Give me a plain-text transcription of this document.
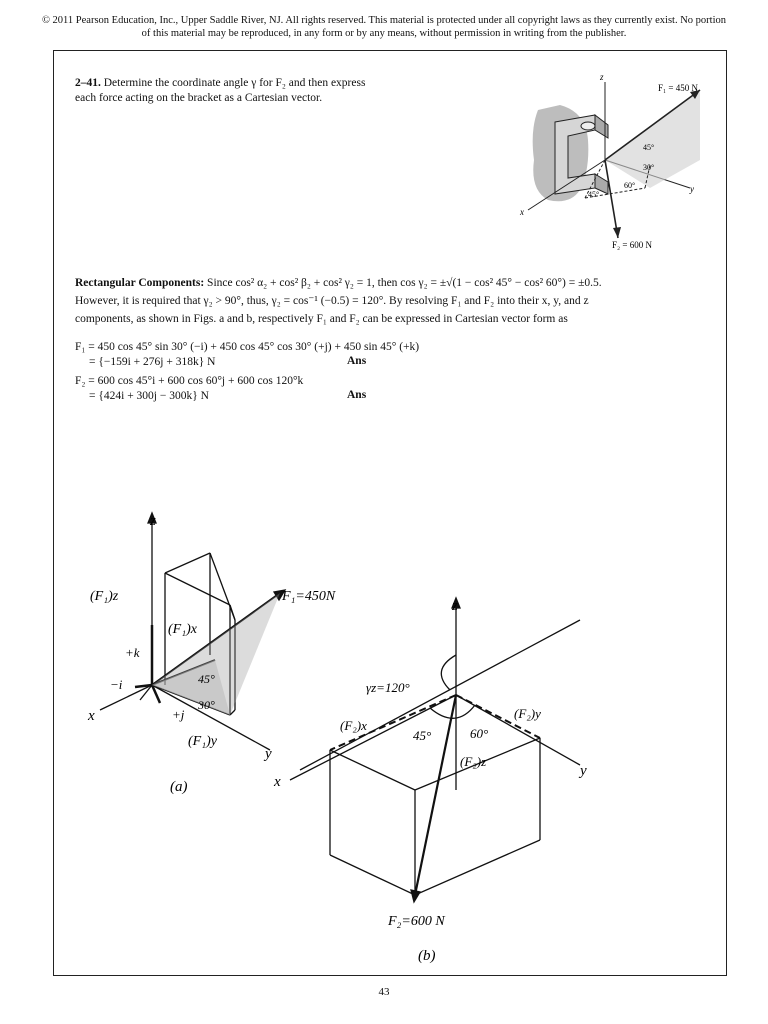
© 2011 Pearson Education, Inc., Upper Saddle River, NJ. All rights reserved. This material is protected under all copyright laws as they currently exist. No portion of this material may be reproduced, in any form or by any means, without permission in writing from the publisher.
2–41. Determine the coordinate angle γ for F₂ and then express each force acting on the bracket as a Cartesian vector.
z
x
y
F₁ = 450 N
F₂ = 600 N
45°
30°
45°
60°

Rectangular Components: Since cos² α₂ + cos² β₂ + cos² γ₂ = 1, then cos γ₂ = ±√(1 − cos² 45° − cos² 60°) = ±0.5.

However, it is required that γ₂ > 90°, thus, γ₂ = cos⁻¹ (−0.5) = 120°. By resolving F₁ and F₂ into their x, y, and z

components, as shown in Figs. a and b, respectively F₁ and F₂ can be expressed in Cartesian vector form as

F₁ = 450 cos 45° sin 30° (−i) + 450 cos 45° cos 30° (+j) + 450 sin 45° (+k)
= {−159i + 276j + 318k} N	Ans
F₂ = 600 cos 45°i + 600 cos 60°j + 600 cos 120°k
= {424i + 300j − 300k} N	Ans
z
x
y
(F₁)z
(F₁)x
(F₁)y
F₁=450N
+k
−i
+j
45°
30°
(a)
z
x
y
γz=120°
(F₂)x
(F₂)y
(F₂)z
45°	60°
F₂=600 N
(b)
43
